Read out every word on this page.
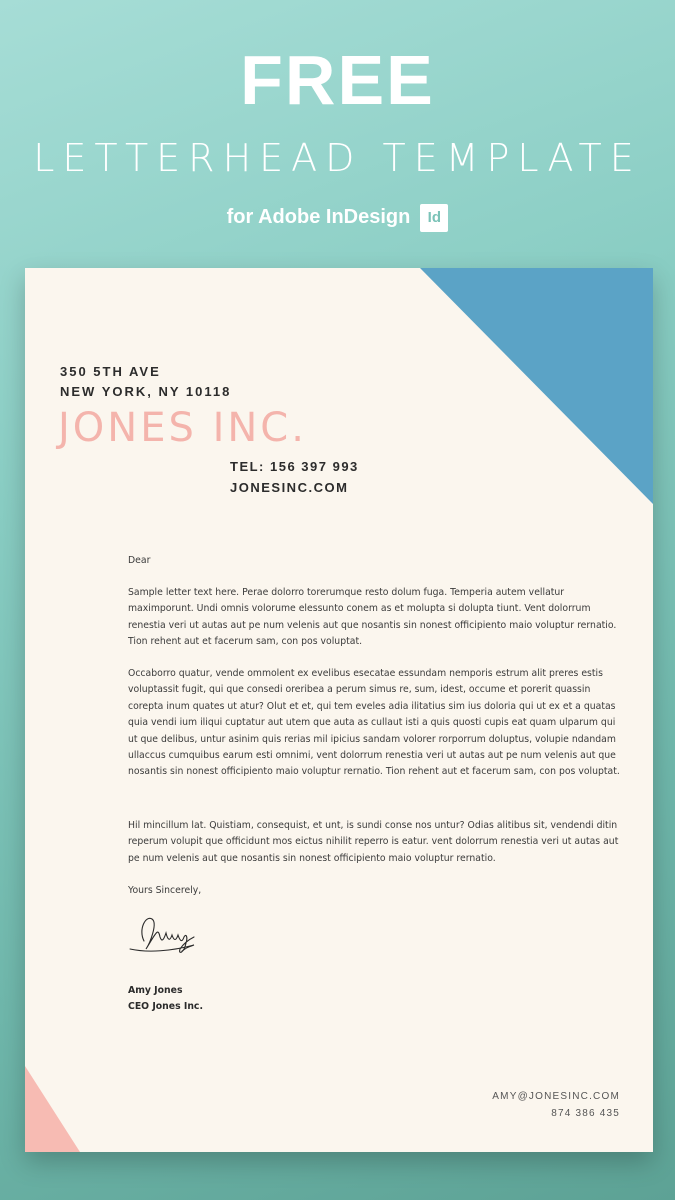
FREE
LETTERHEAD TEMPLATE
for Adobe InDesign Id
350 5TH AVE
NEW YORK, NY 10118
JONES INC.
TEL: 156 397 993
JONESINC.COM

Dear

Sample letter text here. Perae dolorro torerumque resto dolum fuga. Temperia autem vellatur maximporunt. Undi omnis volorume elessunto conem as et molupta si dolupta tiunt. Vent dolorrum renestia veri ut autas aut pe num velenis aut que nosantis sin nonest officipiento maio voluptur rernatio. Tion rehent aut et facerum sam, con pos voluptat.

Occaborro quatur, vende ommolent ex evelibus esecatae essundam nemporis estrum alit preres estis voluptassit fugit, qui que consedi oreribea a perum simus re, sum, idest, occume et porerit quassin corepta inum quates ut atur? Olut et et, qui tem eveles adia ilitatius sim ius doloria qui ut ex et a quatas quia vendi ium iliqui cuptatur aut utem que auta as cullaut isti a quis quosti cupis eat quam ulparum qui ut que delibus, untur asinim quis rerias mil ipicius sandam volorer rorporrum doluptus, volupie ndandam ullaccus cumquibus earum esti omnimi, vent dolorrum renestia veri ut autas aut pe num velenis aut que nosantis sin nonest officipiento maio voluptur rernatio. Tion rehent aut et facerum sam, con pos voluptat.

Hil mincillum lat. Quistiam, consequist, et unt, is sundi conse nos untur? Odias alitibus sit, vendendi ditin reperum volupit que officidunt mos eictus nihilit reperro is eatur. vent dolorrum renestia veri ut autas aut pe num velenis aut que nosantis sin nonest officipiento maio voluptur rernatio.

Yours Sincerely,

Amy Jones
CEO Jones Inc.
AMY@JONESINC.COM
874 386 435
